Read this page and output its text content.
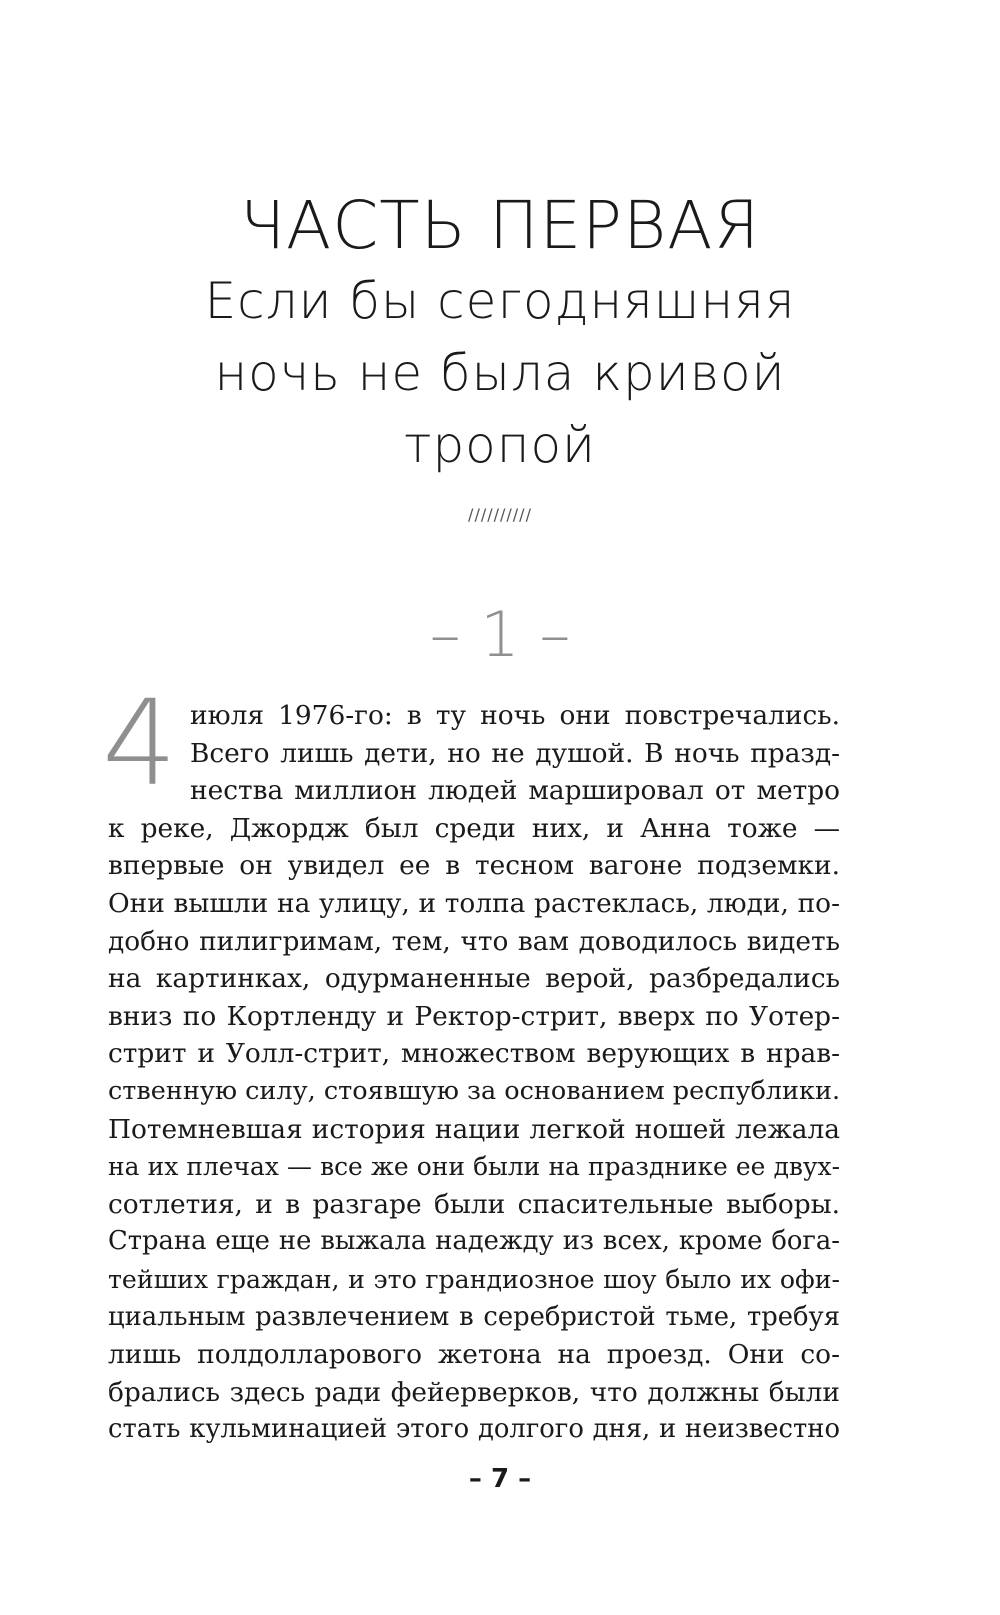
ЧАСТЬ ПЕРВАЯ
Если бы сегодняшняя
ночь не была кривой
тропой
//////////
– 1 –
4 июля 1976-го: в ту ночь они повстречались.
Всего лишь дети, но не душой. В ночь празд-
нества миллион людей маршировал от метро
к реке, Джордж был среди них, и Анна тоже —
впервые он увидел ее в тесном вагоне подземки.
Они вышли на улицу, и толпа растеклась, люди, по-
добно пилигримам, тем, что вам доводилось видеть
на картинках, одурманенные верой, разбредались
вниз по Кортленду и Ректор-стрит, вверх по Уотер-
стрит и Уолл-стрит, множеством верующих в нрав-
ственную силу, стоявшую за основанием республики.
Потемневшая история нации легкой ношей лежала
на их плечах — все же они были на празднике ее двух-
сотлетия, и в разгаре были спасительные выборы.
Страна еще не выжала надежду из всех, кроме бога-
тейших граждан, и это грандиозное шоу было их офи-
циальным развлечением в серебристой тьме, требуя
лишь полдолларового жетона на проезд. Они со-
брались здесь ради фейерверков, что должны были
стать кульминацией этого долгого дня, и неизвестно
– 7 –
